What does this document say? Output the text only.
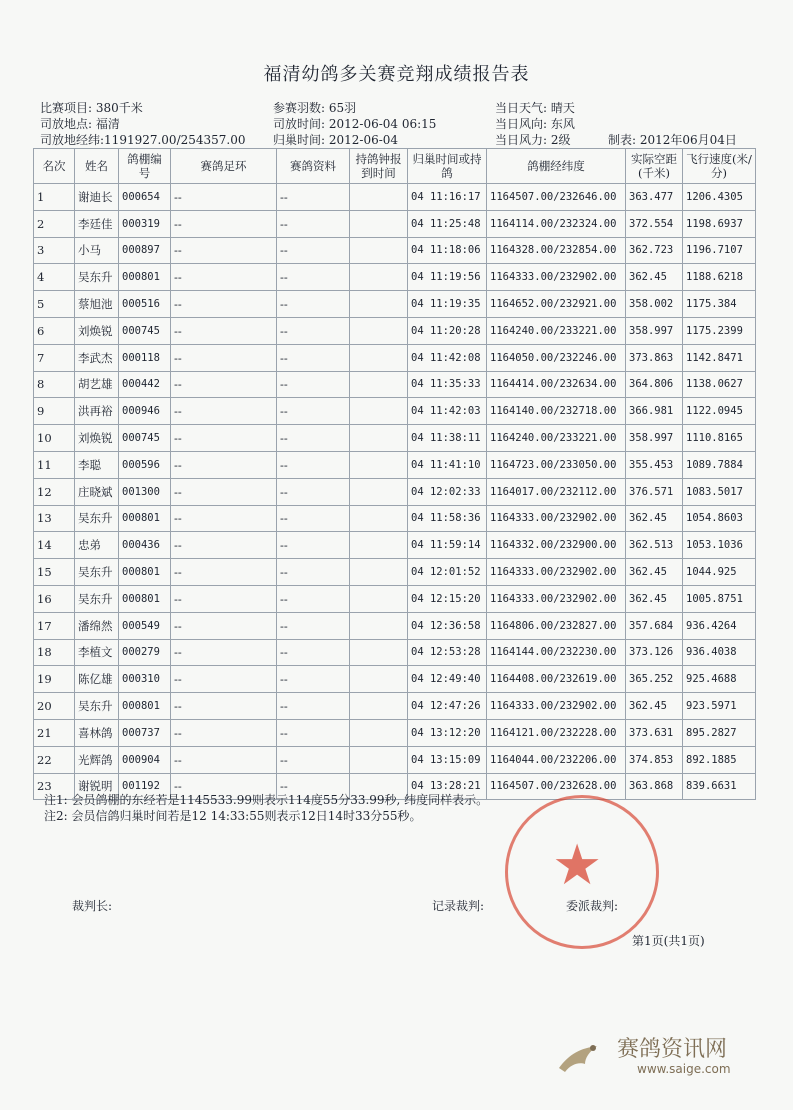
福清幼鸽多关赛竞翔成绩报告表
比赛项目: 380千米
司放地点: 福清
司放地经纬:1191927.00/254357.00
参赛羽数: 65羽
司放时间: 2012-06-04 06:15
归巢时间: 2012-06-04
当日天气: 晴天
当日风向: 东风
当日风力: 2级	制表: 2012年06月04日
名次	姓名	鸽棚编号	赛鸽足环	赛鸽资料	持鸽钟报到时间	归巢时间或持鸽	鸽棚经纬度	实际空距(千米)	飞行速度(米/分)
1	谢迪长	000654	--	--		04 11:16:17	1164507.00/232646.00	363.477	1206.4305
2	李廷佳	000319	--	--		04 11:25:48	1164114.00/232324.00	372.554	1198.6937
3	小马	000897	--	--		04 11:18:06	1164328.00/232854.00	362.723	1196.7107
4	吴东升	000801	--	--		04 11:19:56	1164333.00/232902.00	362.45	1188.6218
5	蔡旭池	000516	--	--		04 11:19:35	1164652.00/232921.00	358.002	1175.384
6	刘焕锐	000745	--	--		04 11:20:28	1164240.00/233221.00	358.997	1175.2399
7	李武杰	000118	--	--		04 11:42:08	1164050.00/232246.00	373.863	1142.8471
8	胡艺雄	000442	--	--		04 11:35:33	1164414.00/232634.00	364.806	1138.0627
9	洪再裕	000946	--	--		04 11:42:03	1164140.00/232718.00	366.981	1122.0945
10	刘焕锐	000745	--	--		04 11:38:11	1164240.00/233221.00	358.997	1110.8165
11	李聪	000596	--	--		04 11:41:10	1164723.00/233050.00	355.453	1089.7884
12	庄晓斌	001300	--	--		04 12:02:33	1164017.00/232112.00	376.571	1083.5017
13	吴东升	000801	--	--		04 11:58:36	1164333.00/232902.00	362.45	1054.8603
14	忠弟	000436	--	--		04 11:59:14	1164332.00/232900.00	362.513	1053.1036
15	吴东升	000801	--	--		04 12:01:52	1164333.00/232902.00	362.45	1044.925
16	吴东升	000801	--	--		04 12:15:20	1164333.00/232902.00	362.45	1005.8751
17	潘绵然	000549	--	--		04 12:36:58	1164806.00/232827.00	357.684	936.4264
18	李植文	000279	--	--		04 12:53:28	1164144.00/232230.00	373.126	936.4038
19	陈亿雄	000310	--	--		04 12:49:40	1164408.00/232619.00	365.252	925.4688
20	吴东升	000801	--	--		04 12:47:26	1164333.00/232902.00	362.45	923.5971
21	喜林鸽	000737	--	--		04 13:12:20	1164121.00/232228.00	373.631	895.2827
22	光辉鸽	000904	--	--		04 13:15:09	1164044.00/232206.00	374.853	892.1885
23	谢锐明	001192	--	--		04 13:28:21	1164507.00/232628.00	363.868	839.6631
注1: 会员鸽棚的东经若是1145533.99则表示114度55分33.99秒, 纬度同样表示。
注2: 会员信鸽归巢时间若是12 14:33:55则表示12日14时33分55秒。
裁判长:	记录裁判:	委派裁判:
第1页(共1页)
★
赛鸽资讯网
www.saige.com
